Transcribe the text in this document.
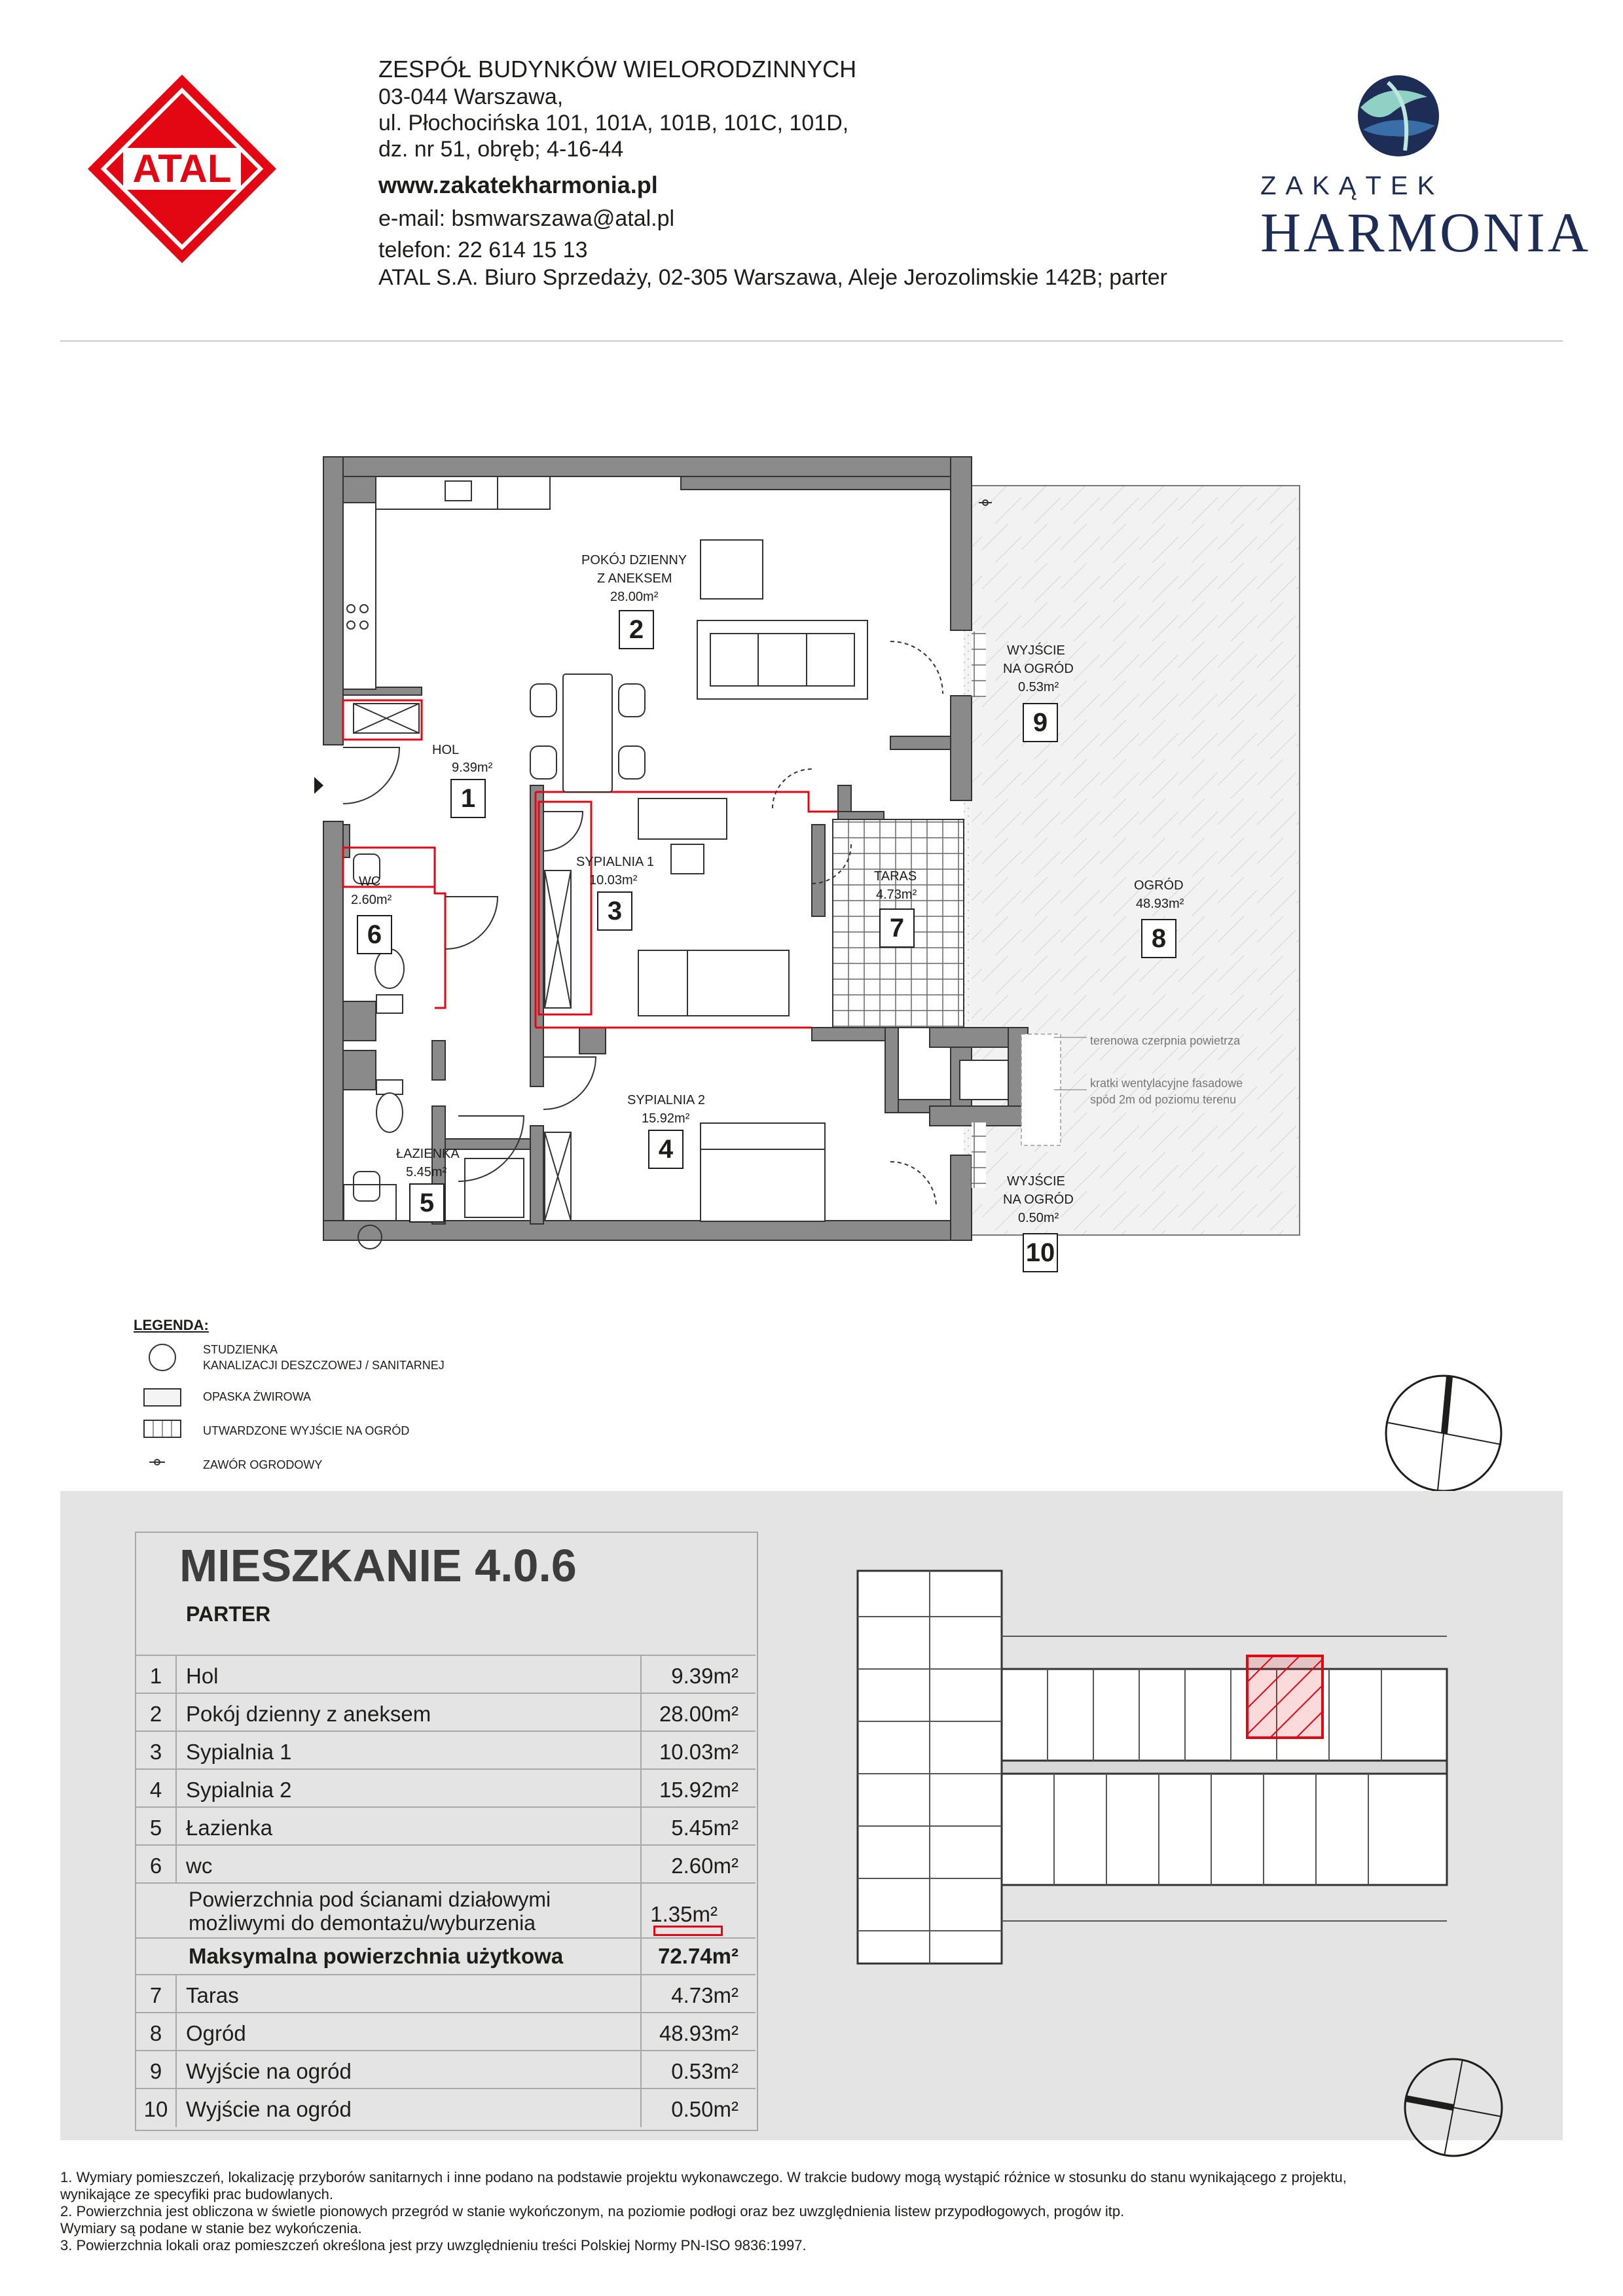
ATAL
ZESPÓŁ BUDYNKÓW WIELORODZINNYCH
03-044 Warszawa,
ul. Płochocińska 101, 101A, 101B, 101C, 101D,
dz. nr 51, obręb; 4-16-44
www.zakatekharmonia.pl
e-mail: bsmwarszawa@atal.pl
telefon: 22 614 15 13
ATAL S.A. Biuro Sprzedaży, 02-305 Warszawa, Aleje Jerozolimskie 142B; parter
ZAKĄTEK
HARMONIA
HOL
9.39m²
1
POKÓJ DZIENNY
Z ANEKSEM
28.00m²
2
SYPIALNIA 1
10.03m²
3
SYPIALNIA 2
15.92m²
4
ŁAZIENKA
5.45m²
5
WC
2.60m²
6
TARAS
4.73m²
7
OGRÓD
48.93m²
8
WYJŚCIE
NA OGRÓD
0.53m²
9
WYJŚCIE
NA OGRÓD
0.50m²
10
terenowa czerpnia powietrza
kratki wentylacyjne fasadowe
spód 2m od poziomu terenu
LEGENDA:
STUDZIENKA
KANALIZACJI DESZCZOWEJ / SANITARNEJ
OPASKA ŻWIROWA
UTWARDZONE WYJŚCIE NA OGRÓD
ZAWÓR OGRODOWY
MIESZKANIE 4.0.6
PARTER
1	Hol	9.39m²
2	Pokój dzienny z aneksem	28.00m²
3	Sypialnia 1	10.03m²
4	Sypialnia 2	15.92m²
5	Łazienka	5.45m²
6	wc	2.60m²
Powierzchnia pod ścianami działowymi
możliwymi do demontażu/wyburzenia	1.35m²
Maksymalna powierzchnia użytkowa	72.74m²
7	Taras	4.73m²
8	Ogród	48.93m²
9	Wyjście na ogród	0.53m²
10 Wyjście na ogród	0.50m²
1. Wymiary pomieszczeń, lokalizację przyborów sanitarnych i inne podano na podstawie projektu wykonawczego. W trakcie budowy mogą wystąpić różnice w stosunku do stanu wynikającego z projektu,
wynikające ze specyfiki prac budowlanych.
2. Powierzchnia jest obliczona w świetle pionowych przegród w stanie wykończonym, na poziomie podłogi oraz bez uwzględnienia listew przypodłogowych, progów itp.
Wymiary są podane w stanie bez wykończenia.
3. Powierzchnia lokali oraz pomieszczeń określona jest przy uwzględnieniu treści Polskiej Normy PN-ISO 9836:1997.
